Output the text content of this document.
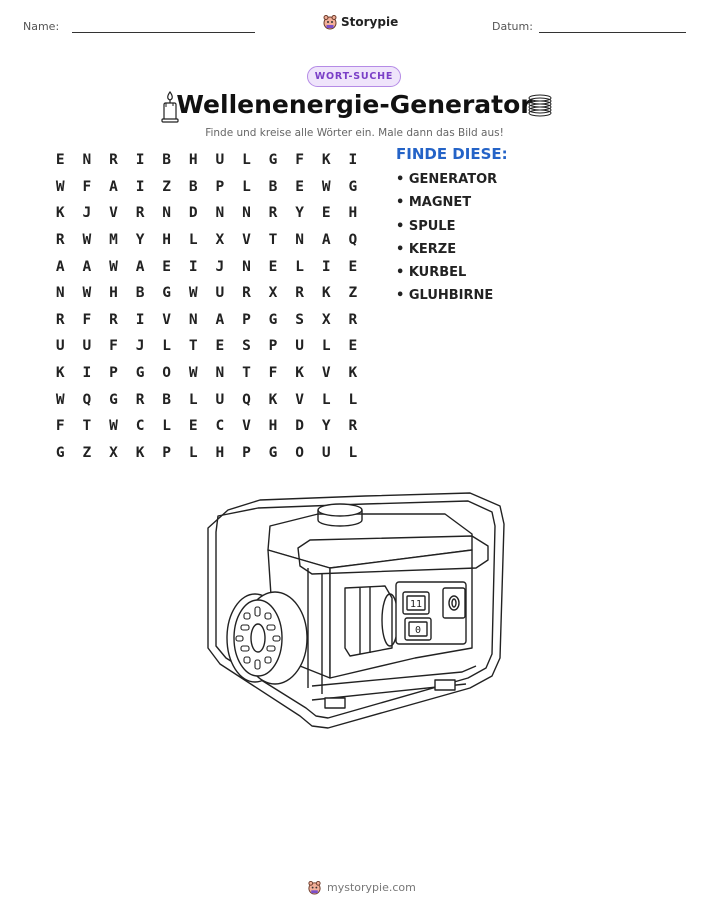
Name:	Storypie	Datum:
WORT-SUCHE
Wellenenergie-Generator
Finde und kreise alle Wörter ein. Male dann das Bild aus!
E	N	R	I	B	H	U	L	G	F	K	I
W	F	A	I	Z	B	P	L	B	E	W	G
K	J	V	R	N	D	N	N	R	Y	E	H
R	W	M	Y	H	L	X	V	T	N	A	Q
A	A	W	A	E	I	J	N	E	L	I	E
N	W	H	B	G	W	U	R	X	R	K	Z
R	F	R	I	V	N	A	P	G	S	X	R
U	U	F	J	L	T	E	S	P	U	L	E
K	I	P	G	O	W	N	T	F	K	V	K
W	Q	G	R	B	L	U	Q	K	V	L	L
F	T	W	C	L	E	C	V	H	D	Y	R
G	Z	X	K	P	L	H	P	G	O	U	L
FINDE DIESE:
• GENERATOR
• MAGNET
• SPULE
• KERZE
• KURBEL
• GLUHBIRNE
11
0
mystorypie.com
